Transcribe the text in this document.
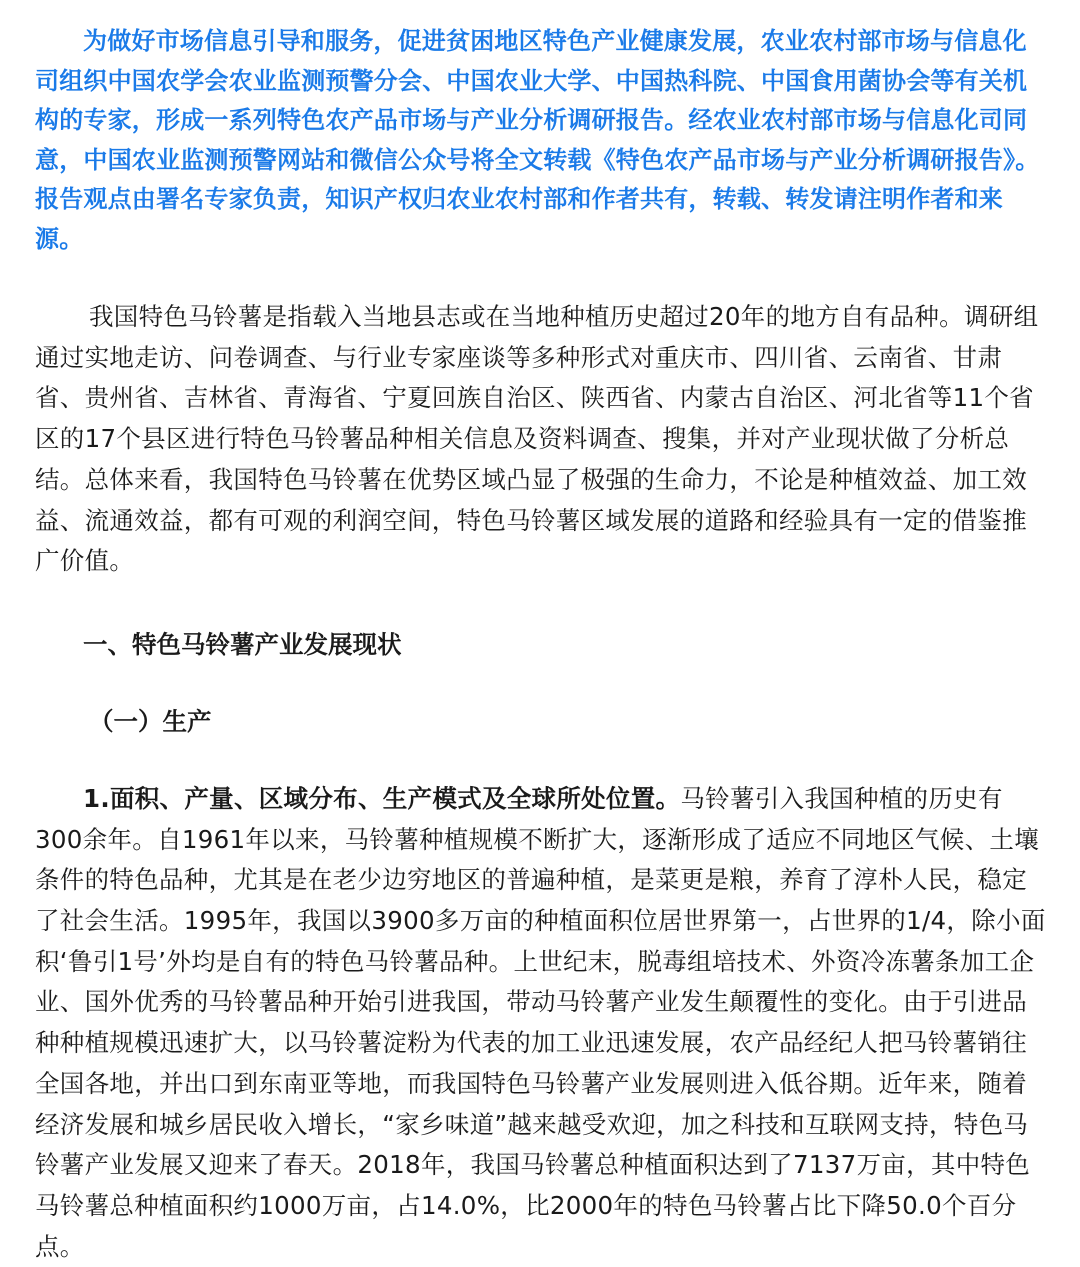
为做好市场信息引导和服务，促进贫困地区特色产业健康发展，农业农村部市场与信息化司组织中国农学会农业监测预警分会、中国农业大学、中国热科院、中国食用菌协会等有关机构的专家，形成一系列特色农产品市场与产业分析调研报告。经农业农村部市场与信息化司同意，中国农业监测预警网站和微信公众号将全文转载《特色农产品市场与产业分析调研报告》。报告观点由署名专家负责，知识产权归农业农村部和作者共有，转载、转发请注明作者和来源。

我国特色马铃薯是指载入当地县志或在当地种植历史超过20年的地方自有品种。调研组通过实地走访、问卷调查、与行业专家座谈等多种形式对重庆市、四川省、云南省、甘肃省、贵州省、吉林省、青海省、宁夏回族自治区、陕西省、内蒙古自治区、河北省等11个省区的17个县区进行特色马铃薯品种相关信息及资料调查、搜集，并对产业现状做了分析总结。总体来看，我国特色马铃薯在优势区域凸显了极强的生命力，不论是种植效益、加工效益、流通效益，都有可观的利润空间，特色马铃薯区域发展的道路和经验具有一定的借鉴推广价值。

一、特色马铃薯产业发展现状
（一）生产

1.面积、产量、区域分布、生产模式及全球所处位置。马铃薯引入我国种植的历史有300余年。自1961年以来，马铃薯种植规模不断扩大，逐渐形成了适应不同地区气候、土壤条件的特色品种，尤其是在老少边穷地区的普遍种植，是菜更是粮，养育了淳朴人民，稳定了社会生活。1995年，我国以3900多万亩的种植面积位居世界第一，占世界的1/4，除小面积‘鲁引1号’外均是自有的特色马铃薯品种。上世纪末，脱毒组培技术、外资冷冻薯条加工企业、国外优秀的马铃薯品种开始引进我国，带动马铃薯产业发生颠覆性的变化。由于引进品种种植规模迅速扩大，以马铃薯淀粉为代表的加工业迅速发展，农产品经纪人把马铃薯销往全国各地，并出口到东南亚等地，而我国特色马铃薯产业发展则进入低谷期。近年来，随着经济发展和城乡居民收入增长，“家乡味道”越来越受欢迎，加之科技和互联网支持，特色马铃薯产业发展又迎来了春天。2018年，我国马铃薯总种植面积达到了7137万亩，其中特色马铃薯总种植面积约1000万亩，占14.0%，比2000年的特色马铃薯占比下降50.0个百分点。
